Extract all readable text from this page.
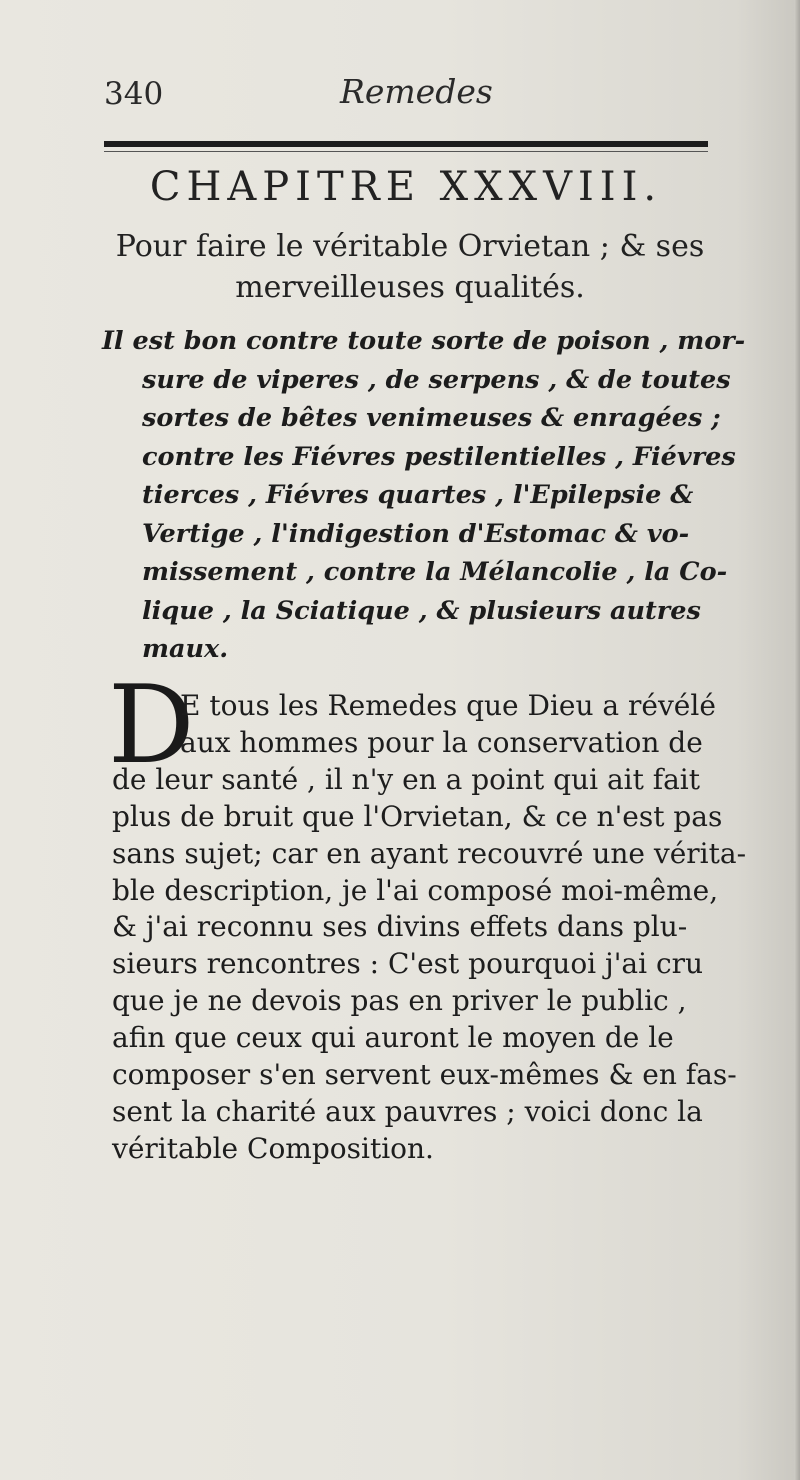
340	Remedes
CHAPITRE XXXVIII.
Pour faire le véritable Orvietan ; & ses
merveilleuses qualités.
Il est bon contre toute sorte de poison , mor-
sure de viperes , de serpens , & de toutes
sortes de bêtes venimeuses & enragées ;
contre les Fiévres pestilentielles , Fiévres
tierces , Fiévres quartes , l'Epilepsie &
Vertige , l'indigestion d'Estomac & vo-
missement , contre la Mélancolie , la Co-
lique , la Sciatique , & plusieurs autres
maux.
D
E tous les Remedes que Dieu a révélé
aux hommes pour la conservation de
de leur santé , il n'y en a point qui ait fait
plus de bruit que l'Orvietan, & ce n'est pas
sans sujet; car en ayant recouvré une vérita-
ble description, je l'ai composé moi-même,
& j'ai reconnu ses divins effets dans plu-
sieurs rencontres : C'est pourquoi j'ai cru
que je ne devois pas en priver le public ,
afin que ceux qui auront le moyen de le
composer s'en servent eux-mêmes & en fas-
sent la charité aux pauvres ; voici donc la
véritable Composition.
